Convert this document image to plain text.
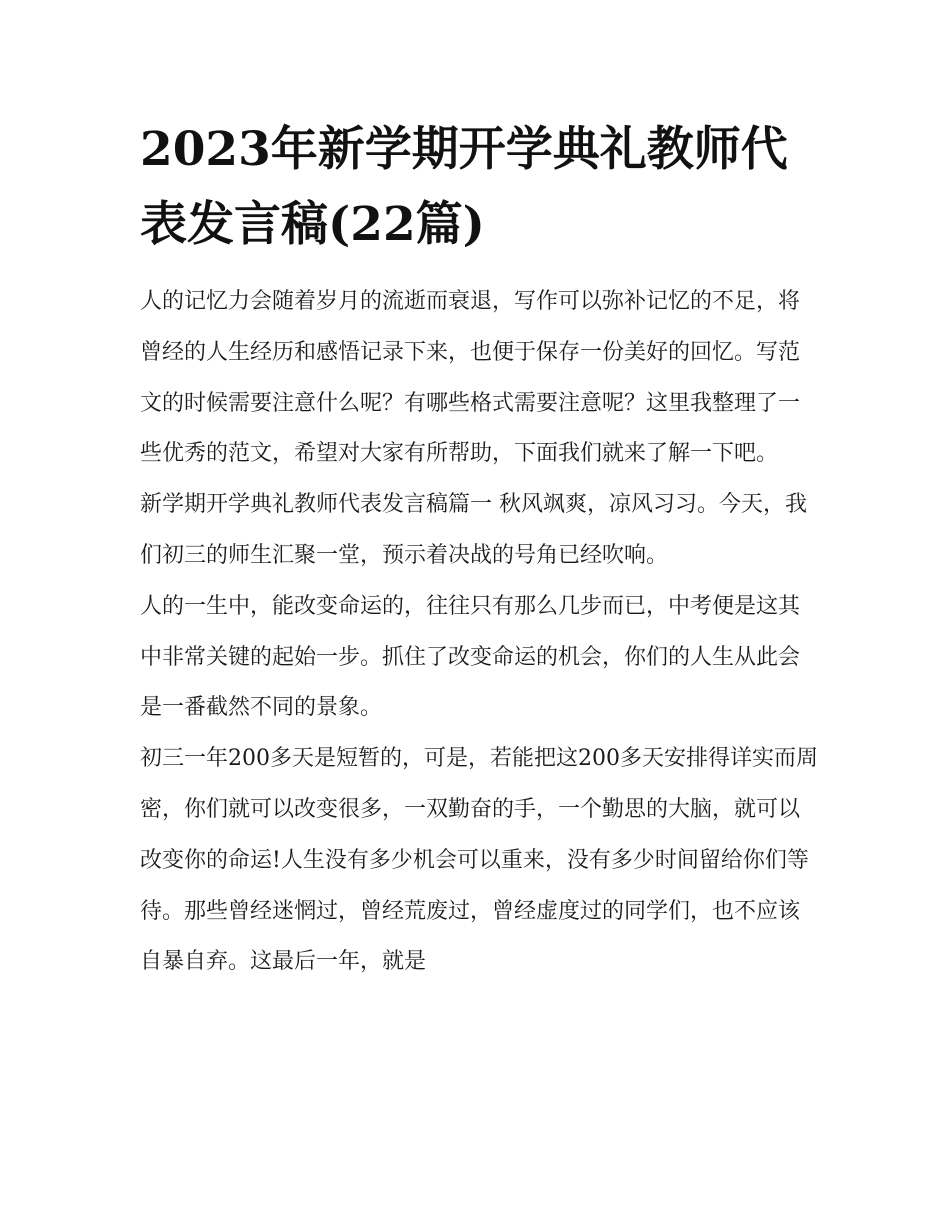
2023年新学期开学典礼教师代表发言稿(22篇)

人的记忆力会随着岁月的流逝而衰退，写作可以弥补记忆的不足，将曾经的人生经历和感悟记录下来，也便于保存一份美好的回忆。写范文的时候需要注意什么呢？有哪些格式需要注意呢？这里我整理了一些优秀的范文，希望对大家有所帮助，下面我们就来了解一下吧。

新学期开学典礼教师代表发言稿篇一 秋风飒爽，凉风习习。今天，我们初三的师生汇聚一堂，预示着决战的号角已经吹响。

人的一生中，能改变命运的，往往只有那么几步而已，中考便是这其中非常关键的起始一步。抓住了改变命运的机会，你们的人生从此会是一番截然不同的景象。

初三一年200多天是短暂的，可是，若能把这200多天安排得详实而周密，你们就可以改变很多，一双勤奋的手，一个勤思的大脑，就可以改变你的命运!人生没有多少机会可以重来，没有多少时间留给你们等待。那些曾经迷惘过，曾经荒废过，曾经虚度过的同学们，也不应该自暴自弃。这最后一年，就是
